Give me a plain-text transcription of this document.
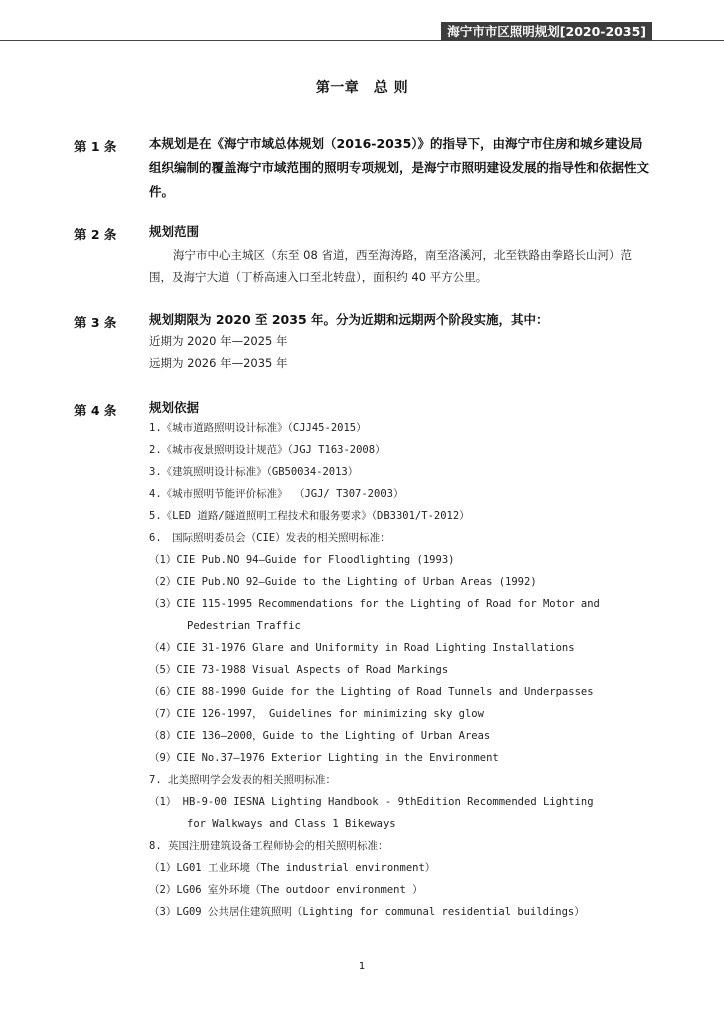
海宁市市区照明规划[2020-2035]
第一章　总 则
第 1 条	本规划是在《海宁市域总体规划（2016-2035）》的指导下，由海宁市住房和城乡建设局组织编制的覆盖海宁市域范围的照明专项规划，是海宁市照明建设发展的指导性和依据性文件。
第 2 条	规划范围
海宁市中心主城区（东至 08 省道，西至海涛路，南至洛溪河，北至铁路由拳路长山河）范围，及海宁大道（丁桥高速入口至北转盘），面积约 40 平方公里。
第 3 条	规划期限为 2020 至 2035 年。分为近期和远期两个阶段实施，其中：
近期为 2020 年—2025 年
远期为 2026 年—2035 年
第 4 条	规划依据
1.《城市道路照明设计标准》（CJJ45-2015）
2.《城市夜景照明设计规范》（JGJ T163-2008）
3.《建筑照明设计标准》（GB50034-2013）
4.《城市照明节能评价标准》 （JGJ/ T307-2003）
5.《LED 道路/隧道照明工程技术和服务要求》（DB3301/T-2012）
6.　国际照明委员会（CIE）发表的相关照明标准：
（1）CIE Pub.NO 94—Guide for Floodlighting (1993)
（2）CIE Pub.NO 92—Guide to the Lighting of Urban Areas (1992)
（3）CIE 115-1995 Recommendations for the Lighting of Road for Motor and
Pedestrian Traffic
（4）CIE 31-1976 Glare and Uniformity in Road Lighting Installations
（5）CIE 73-1988 Visual Aspects of Road Markings
（6）CIE 88-1990 Guide for the Lighting of Road Tunnels and Underpasses
（7）CIE 126-1997， Guidelines for minimizing sky glow
（8）CIE 136—2000，Guide to the Lighting of Urban Areas
（9）CIE No.37—1976 Exterior Lighting in the Environment
7. 北美照明学会发表的相关照明标准：
（1） HB-9-00 IESNA Lighting Handbook - 9thEdition Recommended Lighting
for Walkways and Class 1 Bikeways
8. 英国注册建筑设备工程师协会的相关照明标准：
（1）LG01 工业环境（The industrial environment）
（2）LG06 室外环境（The outdoor environment ）
（3）LG09 公共居住建筑照明（Lighting for communal residential buildings）
1
